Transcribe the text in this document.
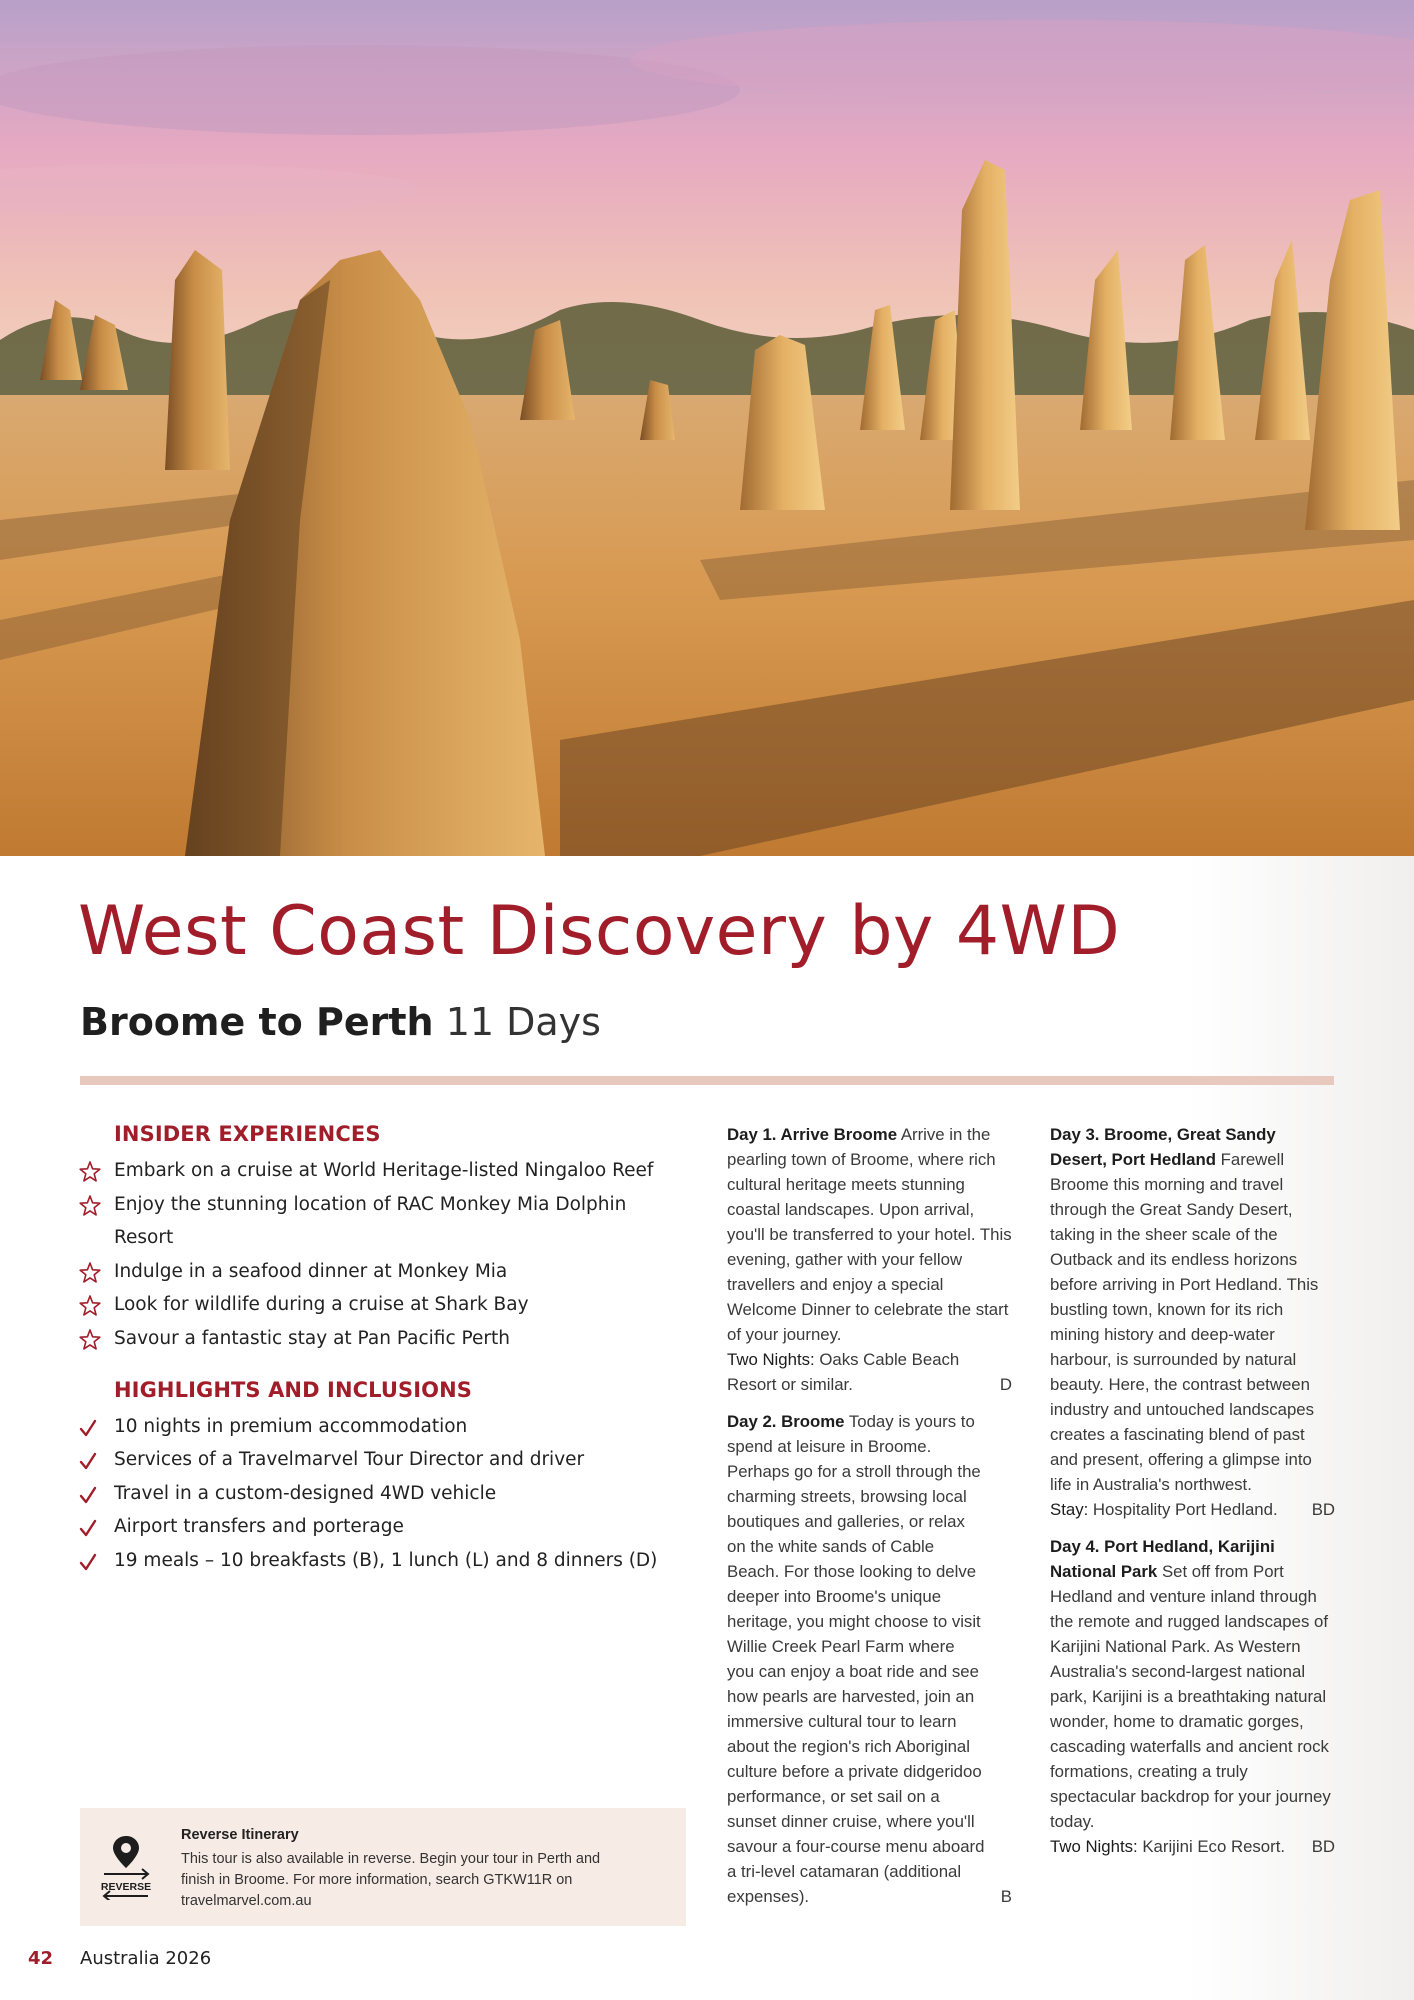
West Coast Discovery by 4WD
Broome to Perth 11 Days
INSIDER EXPERIENCES
Embark on a cruise at World Heritage-listed Ningaloo Reef
Enjoy the stunning location of RAC Monkey Mia Dolphin Resort
Indulge in a seafood dinner at Monkey Mia
Look for wildlife during a cruise at Shark Bay
Savour a fantastic stay at Pan Pacific Perth
HIGHLIGHTS AND INCLUSIONS
10 nights in premium accommodation
Services of a Travelmarvel Tour Director and driver
Travel in a custom-designed 4WD vehicle
Airport transfers and porterage
19 meals – 10 breakfasts (B), 1 lunch (L) and 8 dinners (D)
REVERSE
Reverse Itinerary
This tour is also available in reverse. Begin your tour in Perth and finish in Broome. For more information, search GTKW11R on travelmarvel.com.au
Day 1. Arrive Broome Arrive in the pearling town of Broome, where rich cultural heritage meets stunning coastal landscapes. Upon arrival, you'll be transferred to your hotel. This evening, gather with your fellow travellers and enjoy a special Welcome Dinner to celebrate the start of your journey.
Two Nights: Oaks Cable Beach Resort or similar.	D
Day 2. Broome Today is yours to spend at leisure in Broome. Perhaps go for a stroll through the charming streets, browsing local boutiques and galleries, or relax on the white sands of Cable Beach. For those looking to delve deeper into Broome's unique heritage, you might choose to visit Willie Creek Pearl Farm where you can enjoy a boat ride and see how pearls are harvested, join an immersive cultural tour to learn about the region's rich Aboriginal culture before a private didgeridoo performance, or set sail on a sunset dinner cruise, where you'll savour a four-course menu aboard a tri-level catamaran (additional expenses).	B
Day 3. Broome, Great Sandy Desert, Port Hedland Farewell Broome this morning and travel through the Great Sandy Desert, taking in the sheer scale of the Outback and its endless horizons before arriving in Port Hedland. This bustling town, known for its rich mining history and deep-water harbour, is surrounded by natural beauty. Here, the contrast between industry and untouched landscapes creates a fascinating blend of past and present, offering a glimpse into life in Australia's northwest.
Stay: Hospitality Port Hedland. BD
Day 4. Port Hedland, Karijini National Park Set off from Port Hedland and venture inland through the remote and rugged landscapes of Karijini National Park. As Western Australia's second-largest national park, Karijini is a breathtaking natural wonder, home to dramatic gorges, cascading waterfalls and ancient rock formations, creating a truly spectacular backdrop for your journey today.
Two Nights: Karijini Eco Resort. BD
42 Australia 2026
